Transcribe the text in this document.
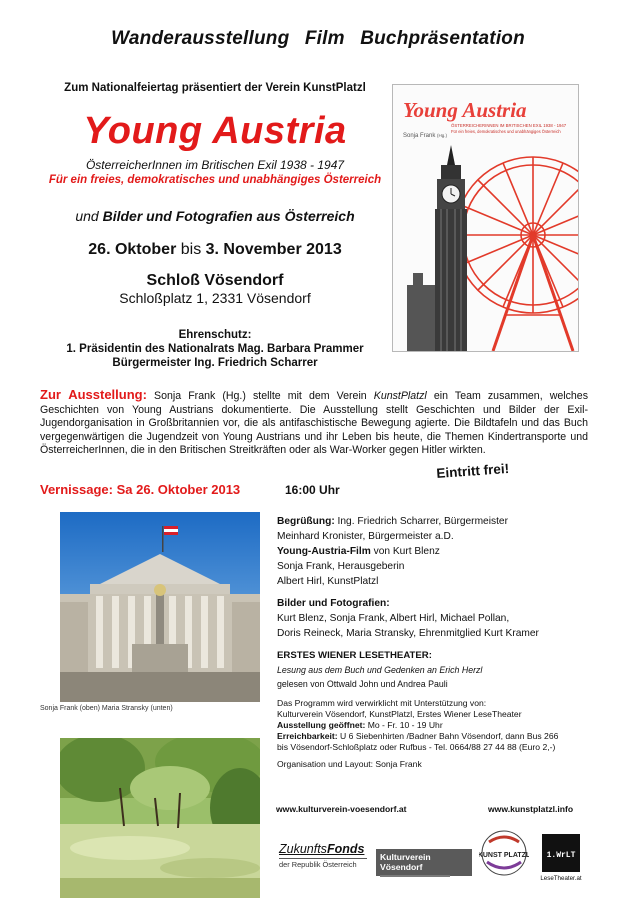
Wanderausstellung Film Buchpräsentation
Zum Nationalfeiertag präsentiert der Verein KunstPlatzl
Young Austria
ÖsterreicherInnen im Britischen Exil 1938 - 1947
Für ein freies, demokratisches und unabhängiges Österreich
und Bilder und Fotografien aus Österreich
26. Oktober bis 3. November 2013
Schloß Vösendorf
Schloßplatz 1, 2331 Vösendorf
Ehrenschutz:
1. Präsidentin des Nationalrats Mag. Barbara Prammer
Bürgermeister Ing. Friedrich Scharrer
Young Austria
ÖSTERREICHERINNEN IM BRITISCHEN EXIL 1938 - 1947
Für ein freies, demokratisches und unabhängiges Österreich
Sonja Frank (Hg.)
Zur Ausstellung: Sonja Frank (Hg.) stellte mit dem Verein KunstPlatzl ein Team zusammen, welches Geschichten von Young Austrians dokumentierte. Die Ausstellung stellt Geschichten und Bilder der Exil-Jugendorganisation in Großbritannien vor, die als antifaschistische Bewegung agierte. Die Bildtafeln und das Buch vergegenwärtigen die Jugendzeit von Young Austrians und ihr Leben bis heute, die Themen Kindertransporte und ÖsterreicherInnen, die in den Britischen Streitkräften oder als War-Worker gegen Hitler wirkten.
Eintritt frei!
Vernissage: Sa 26. Oktober 2013	16:00 Uhr
Sonja Frank (oben) Maria Stransky (unten)

Begrüßung: Ing. Friedrich Scharrer, Bürgermeister

Meinhard Kronister, Bürgermeister a.D.

Young-Austria-Film von Kurt Blenz

Sonja Frank, Herausgeberin

Albert Hirl, KunstPlatzl

Bilder und Fotografien:

Kurt Blenz, Sonja Frank, Albert Hirl, Michael Pollan,

Doris Reineck, Maria Stransky, Ehrenmitglied Kurt Kramer

ERSTES WIENER LESETHEATER:

Lesung aus dem Buch und Gedenken an Erich Herzl

gelesen von Ottwald John und Andrea Pauli

Das Programm wird verwirklicht mit Unterstützung von:

Kulturverein Vösendorf, KunstPlatzl, Erstes Wiener LeseTheater

Ausstellung geöffnet: Mo - Fr. 10 - 19 Uhr

Erreichbarkeit: U 6 Siebenhirten /Badner Bahn Vösendorf, dann Bus 266

bis Vösendorf-Schloßplatz oder Rufbus - Tel. 0664/88 27 44 88 (Euro 2,-)

Organisation und Layout: Sonja Frank

www.kulturverein-voesendorf.at	www.kunstplatzl.info
ZukunftsFonds
der Republik Österreich
Kulturverein Vösendorf
KUNST PLATZL 1.WrLT
LeseTheater.at
